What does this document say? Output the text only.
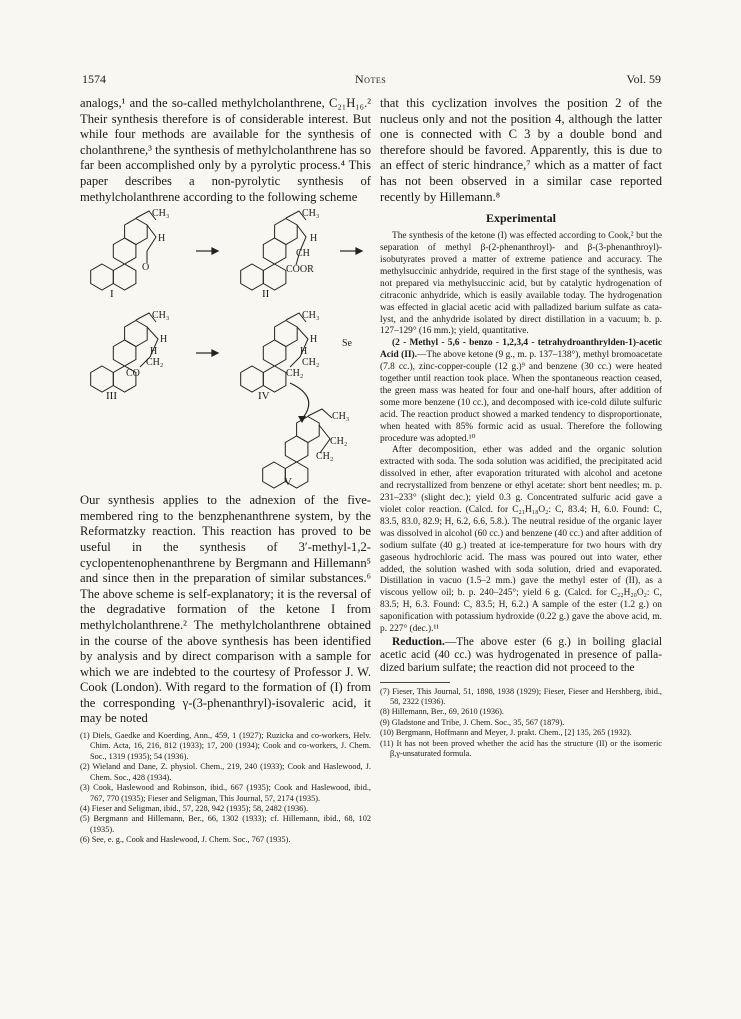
1574	Notes	Vol. 59

analogs,¹ and the so-called methylcholanthrene, C₂₁H₁₆.² Their synthesis therefore is of considerable interest. But while four methods are available for the synthesis of cholanthrene,³ the synthesis of methylcholanthrene has so far been accomplished only by a pyrolytic process.⁴ This paper describes a non-pyrolytic synthesis of methylcholanthrene according to the following scheme

CH₃
H
O
CH₃
H
CH
COOR
CH₃
H
H
CH₂
CO
CH₃
H
H
CH₂
CH₂
CH₃
CH₂
CH₂
Se
I	II
III	IV
V

Our synthesis applies to the adnexion of the five-membered ring to the benzphenanthrene system, by the Reformatzky reaction. This reaction has proved to be useful in the synthesis of 3′-methyl-1,2-cyclopentenophenanthrene by Bergmann and Hillemann⁵ and since then in the preparation of similar substances.⁶ The above scheme is self-explanatory; it is the reversal of the degradative formation of the ketone I from methylcholanthrene.² The methylcholanthrene obtained in the course of the above synthesis has been identified by analysis and by direct comparison with a sample for which we are indebted to the courtesy of Professor J. W. Cook (London). With regard to the formation of (I) from the corresponding γ-(3-phenanthryl)-isovaleric acid, it may be noted

(1) Diels, Gaedke and Koerding, Ann., 459, 1 (1927); Ruzicka and co-workers, Helv. Chim. Acta, 16, 216, 812 (1933); 17, 200 (1934); Cook and co-workers, J. Chem. Soc., 1319 (1935); 54 (1936).

(2) Wieland and Dane, Z. physiol. Chem., 219, 240 (1933); Cook and Haslewood, J. Chem. Soc., 428 (1934).

(3) Cook, Haslewood and Robinson, ibid., 667 (1935); Cook and Haslewood, ibid., 767, 770 (1935); Fieser and Seligman, This Journal, 57, 2174 (1935).

(4) Fieser and Seligman, ibid., 57, 228, 942 (1935); 58, 2482 (1936).

(5) Bergmann and Hillemann, Ber., 66, 1302 (1933); cf. Hillemann, ibid., 68, 102 (1935).

(6) See, e. g., Cook and Haslewood, J. Chem. Soc., 767 (1935).

that this cyclization involves the position 2 of the nucleus only and not the position 4, although the latter one is connected with C 3 by a double bond and therefore should be favored. Apparently, this is due to an effect of steric hindrance,⁷ which as a matter of fact has not been observed in a similar case reported recently by Hillemann.⁸

Experimental

The synthesis of the ketone (I) was effected according to Cook,² but the separation of methyl β-(2-phenanthroyl)- and β-(3-phenanthroyl)-isobutyrates proved a matter of extreme patience and accuracy. The methylsuccinic anhydride, required in the first stage of the synthesis, was not prepared via methylsuccinic acid, but by catalytic hydrogenation of citraconic anhydride, which is easily available today. The hydrogenation was effected in glacial acetic acid with palladized barium sulfate as catalyst, and the anhydride isolated by direct distillation in a vacuum; b. p. 127–129° (16 mm.); yield, quantitative.

(2 - Methyl - 5,6 - benzo - 1,2,3,4 - tetrahydroanthrylden-1)-acetic Acid (II).—The above ketone (9 g., m. p. 137–138°), methyl bromoacetate (7.8 cc.), zinc-copper-couple (12 g.)⁹ and benzene (30 cc.) were heated together until reaction took place. When the spontaneous reaction ceased, the green mass was heated for four and one-half hours, after addition of some more benzene (10 cc.), and decomposed with ice-cold dilute sulfuric acid. The reaction product showed a marked tendency to disproportionate, when heated with 85% formic acid as usual. Therefore the following procedure was adopted.¹⁰

After decomposition, ether was added and the organic solution extracted with soda. The soda solution was acidified, the precipitated acid dissolved in ether, after evaporation triturated with alcohol and acetone and recrystallized from benzene or ethyl acetate: short bent needles; m. p. 231–233° (slight dec.); yield 0.3 g. Concentrated sulfuric acid gave a violet color reaction. (Calcd. for C₂₁H₁₈O₂: C, 83.4; H, 6.0. Found: C, 83.5, 83.0, 82.9; H, 6.2, 6.6, 5.8.). The neutral residue of the organic layer was dissolved in alcohol (60 cc.) and benzene (40 cc.) and after addition of sodium sulfate (40 g.) treated at ice-temperature for two hours with dry gaseous hydrochloric acid. The mass was poured out into water, ether added, the solution washed with soda solution, dried and evaporated. Distillation in vacuo (1.5–2 mm.) gave the methyl ester of (II), as a viscous yellow oil; b. p. 240–245°; yield 6 g. (Calcd. for C₂₂H₂₀O₂: C, 83.5; H, 6.3. Found: C, 83.5; H, 6.2.) A sample of the ester (1.2 g.) on saponification with potassium hydroxide (0.22 g.) gave the above acid, m. p. 227° (dec.).¹¹

Reduction.—The above ester (6 g.) in boiling glacial acetic acid (40 cc.) was hydrogenated in presence of palladized barium sulfate; the reaction did not proceed to the

(7) Fieser, This Journal, 51, 1898, 1938 (1929); Fieser, Fieser and Hershberg, ibid., 58, 2322 (1936).

(8) Hillemann, Ber., 69, 2610 (1936).

(9) Gladstone and Tribe, J. Chem. Soc., 35, 567 (1879).

(10) Bergmann, Hoffmann and Meyer, J. prakt. Chem., [2] 135, 265 (1932).

(11) It has not been proved whether the acid has the structure (II) or the isomeric β,γ-unsaturated formula.
